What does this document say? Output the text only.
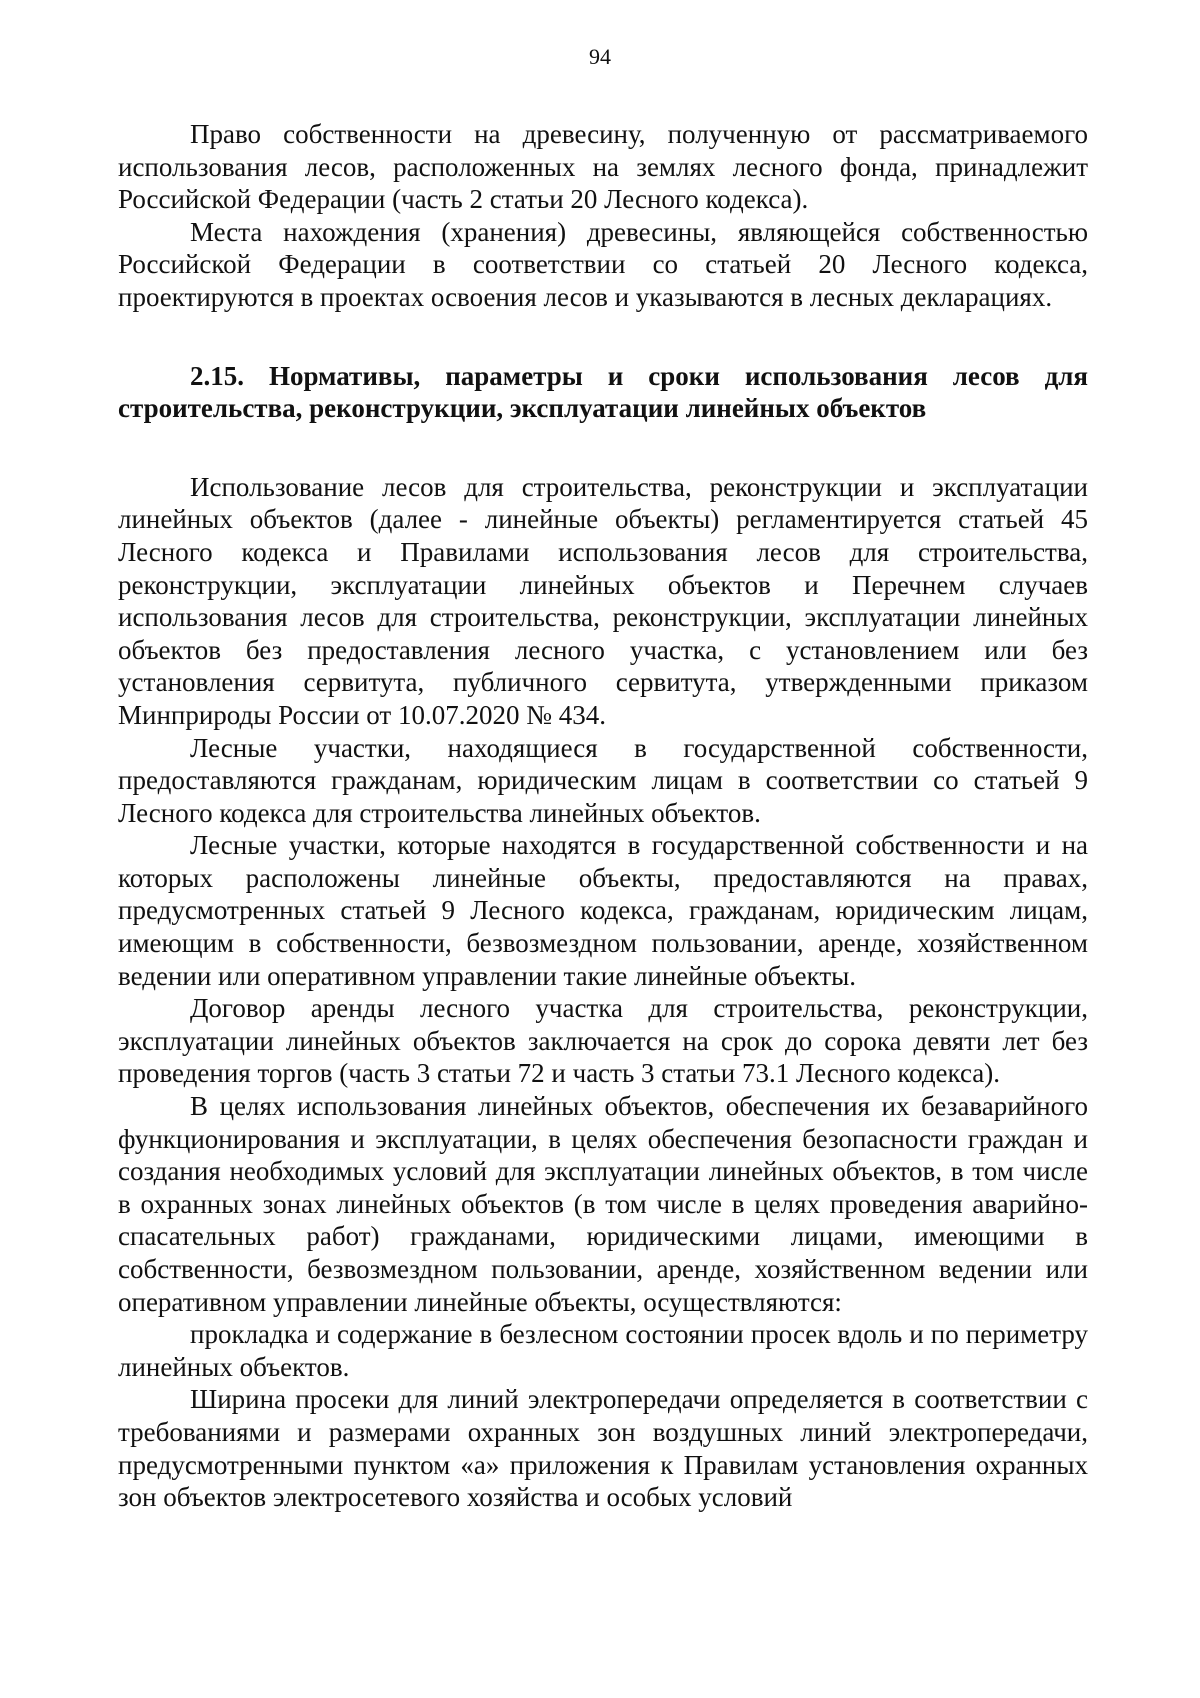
94

Право собственности на древесину, полученную от рассматриваемого использования лесов, расположенных на землях лесного фонда, принадлежит Российской Федерации (часть 2 статьи 20 Лесного кодекса).

Места нахождения (хранения) древесины, являющейся собственностью Российской Федерации в соответствии со статьей 20 Лесного кодекса, проектируются в проектах освоения лесов и указываются в лесных декларациях.

2.15. Нормативы, параметры и сроки использования лесов для строительства, реконструкции, эксплуатации линейных объектов

Использование лесов для строительства, реконструкции и эксплуатации линейных объектов (далее - линейные объекты) регламентируется статьей 45 Лесного кодекса и Правилами использования лесов для строительства, реконструкции, эксплуатации линейных объектов и Перечнем случаев использования лесов для строительства, реконструкции, эксплуатации линейных объектов без предоставления лесного участка, с установлением или без установления сервитута, публичного сервитута, утвержденными приказом Минприроды России от 10.07.2020 № 434.

Лесные участки, находящиеся в государственной собственности, предоставляются гражданам, юридическим лицам в соответствии со статьей 9 Лесного кодекса для строительства линейных объектов.

Лесные участки, которые находятся в государственной собственности и на которых расположены линейные объекты, предоставляются на правах, предусмотренных статьей 9 Лесного кодекса, гражданам, юридическим лицам, имеющим в собственности, безвозмездном пользовании, аренде, хозяйственном ведении или оперативном управлении такие линейные объекты.

Договор аренды лесного участка для строительства, реконструкции, эксплуатации линейных объектов заключается на срок до сорока девяти лет без проведения торгов (часть 3 статьи 72 и часть 3 статьи 73.1 Лесного кодекса).

В целях использования линейных объектов, обеспечения их безаварийного функционирования и эксплуатации, в целях обеспечения безопасности граждан и создания необходимых условий для эксплуатации линейных объектов, в том числе в охранных зонах линейных объектов (в том числе в целях проведения аварийно-спасательных работ) гражданами, юридическими лицами, имеющими в собственности, безвозмездном пользовании, аренде, хозяйственном ведении или оперативном управлении линейные объекты, осуществляются:

прокладка и содержание в безлесном состоянии просек вдоль и по периметру линейных объектов.

Ширина просеки для линий электропередачи определяется в соответствии с требованиями и размерами охранных зон воздушных линий электропередачи, предусмотренными пунктом «а» приложения к Правилам установления охранных зон объектов электросетевого хозяйства и особых условий
